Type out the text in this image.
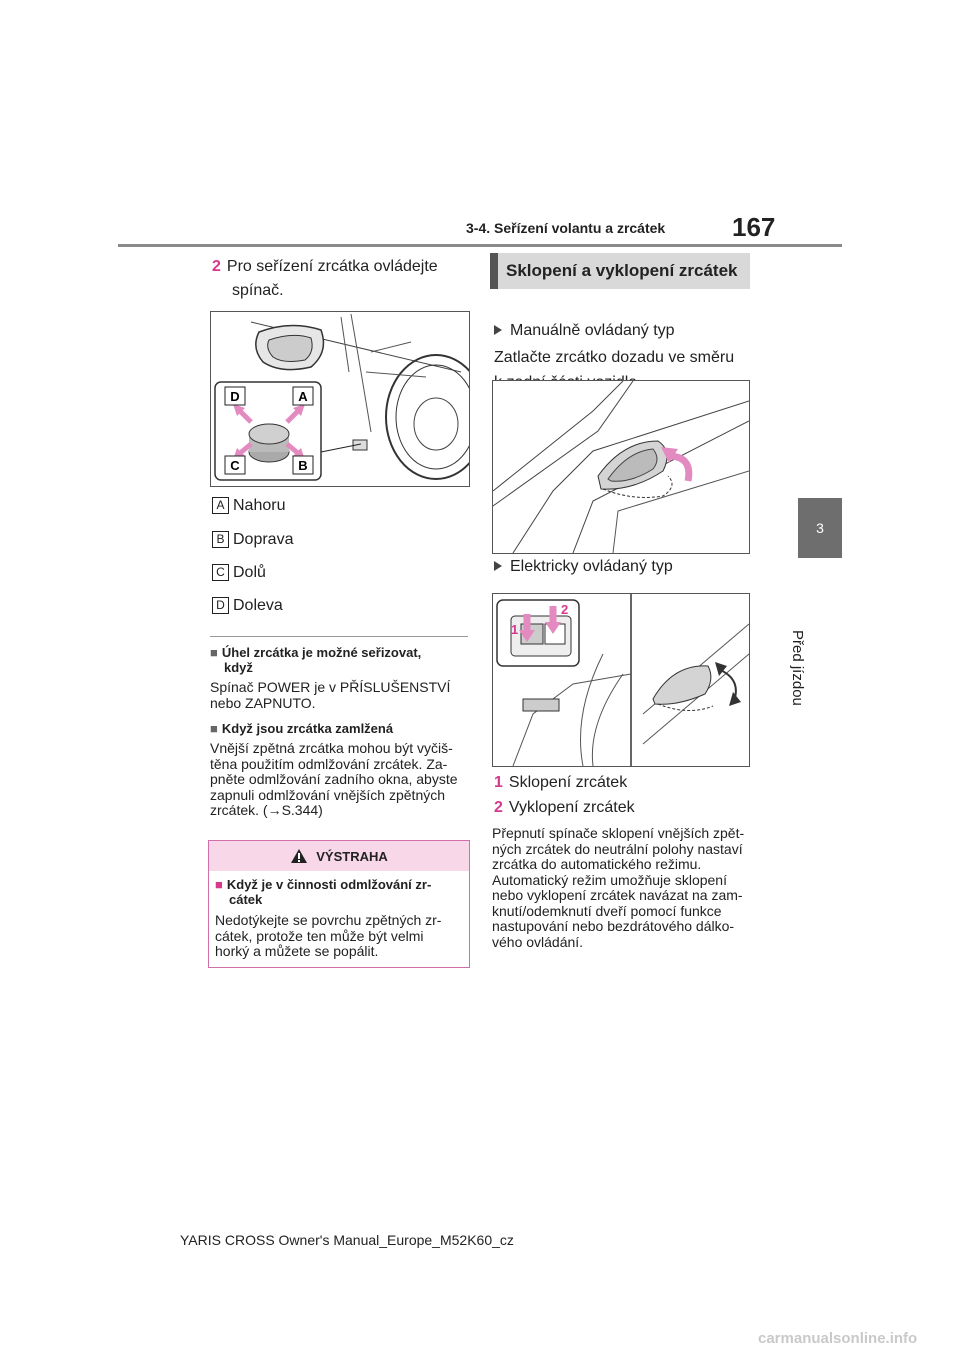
3-4. Seřízení volantu a zrcátek	167
3
Před jízdou
2 Pro seřízení zrcátka ovládejte
spínač.
D	A
C	B
A Nahoru
B Doprava
C Dolů
D Doleva
■ Úhel zrcátka je možné seřizovat,
když
Spínač POWER je v PŘÍSLUŠENSTVÍ
nebo ZAPNUTO.
■ Když jsou zrcátka zamlžená
Vnější zpětná zrcátka mohou být vyčiš-
těna použitím odmlžování zrcátek. Za-
pněte odmlžování zadního okna, abyste
zapnuli odmlžování vnějších zpětných
zrcátek. (→S.344)
VÝSTRAHA
■ Když je v činnosti odmlžování zr-
cátek
Nedotýkejte se povrchu zpětných zr-
cátek, protože ten může být velmi
horký a můžete se popálit.
Sklopení a vyklopení zrcátek
Manuálně ovládaný typ
Zatlačte zrcátko dozadu ve směru
Elektricky ovládaný typ
1
2
1 Sklopení zrcátek
2 Vyklopení zrcátek
Přepnutí spínače sklopení vnějších zpět-
ných zrcátek do neutrální polohy nastaví
zrcátka do automatického režimu.
Automatický režim umožňuje sklopení
nebo vyklopení zrcátek navázat na zam-
knutí/odemknutí dveří pomocí funkce
nastupování nebo bezdrátového dálko-
vého ovládání.
YARIS CROSS Owner's Manual_Europe_M52K60_cz
carmanualsonline.info
